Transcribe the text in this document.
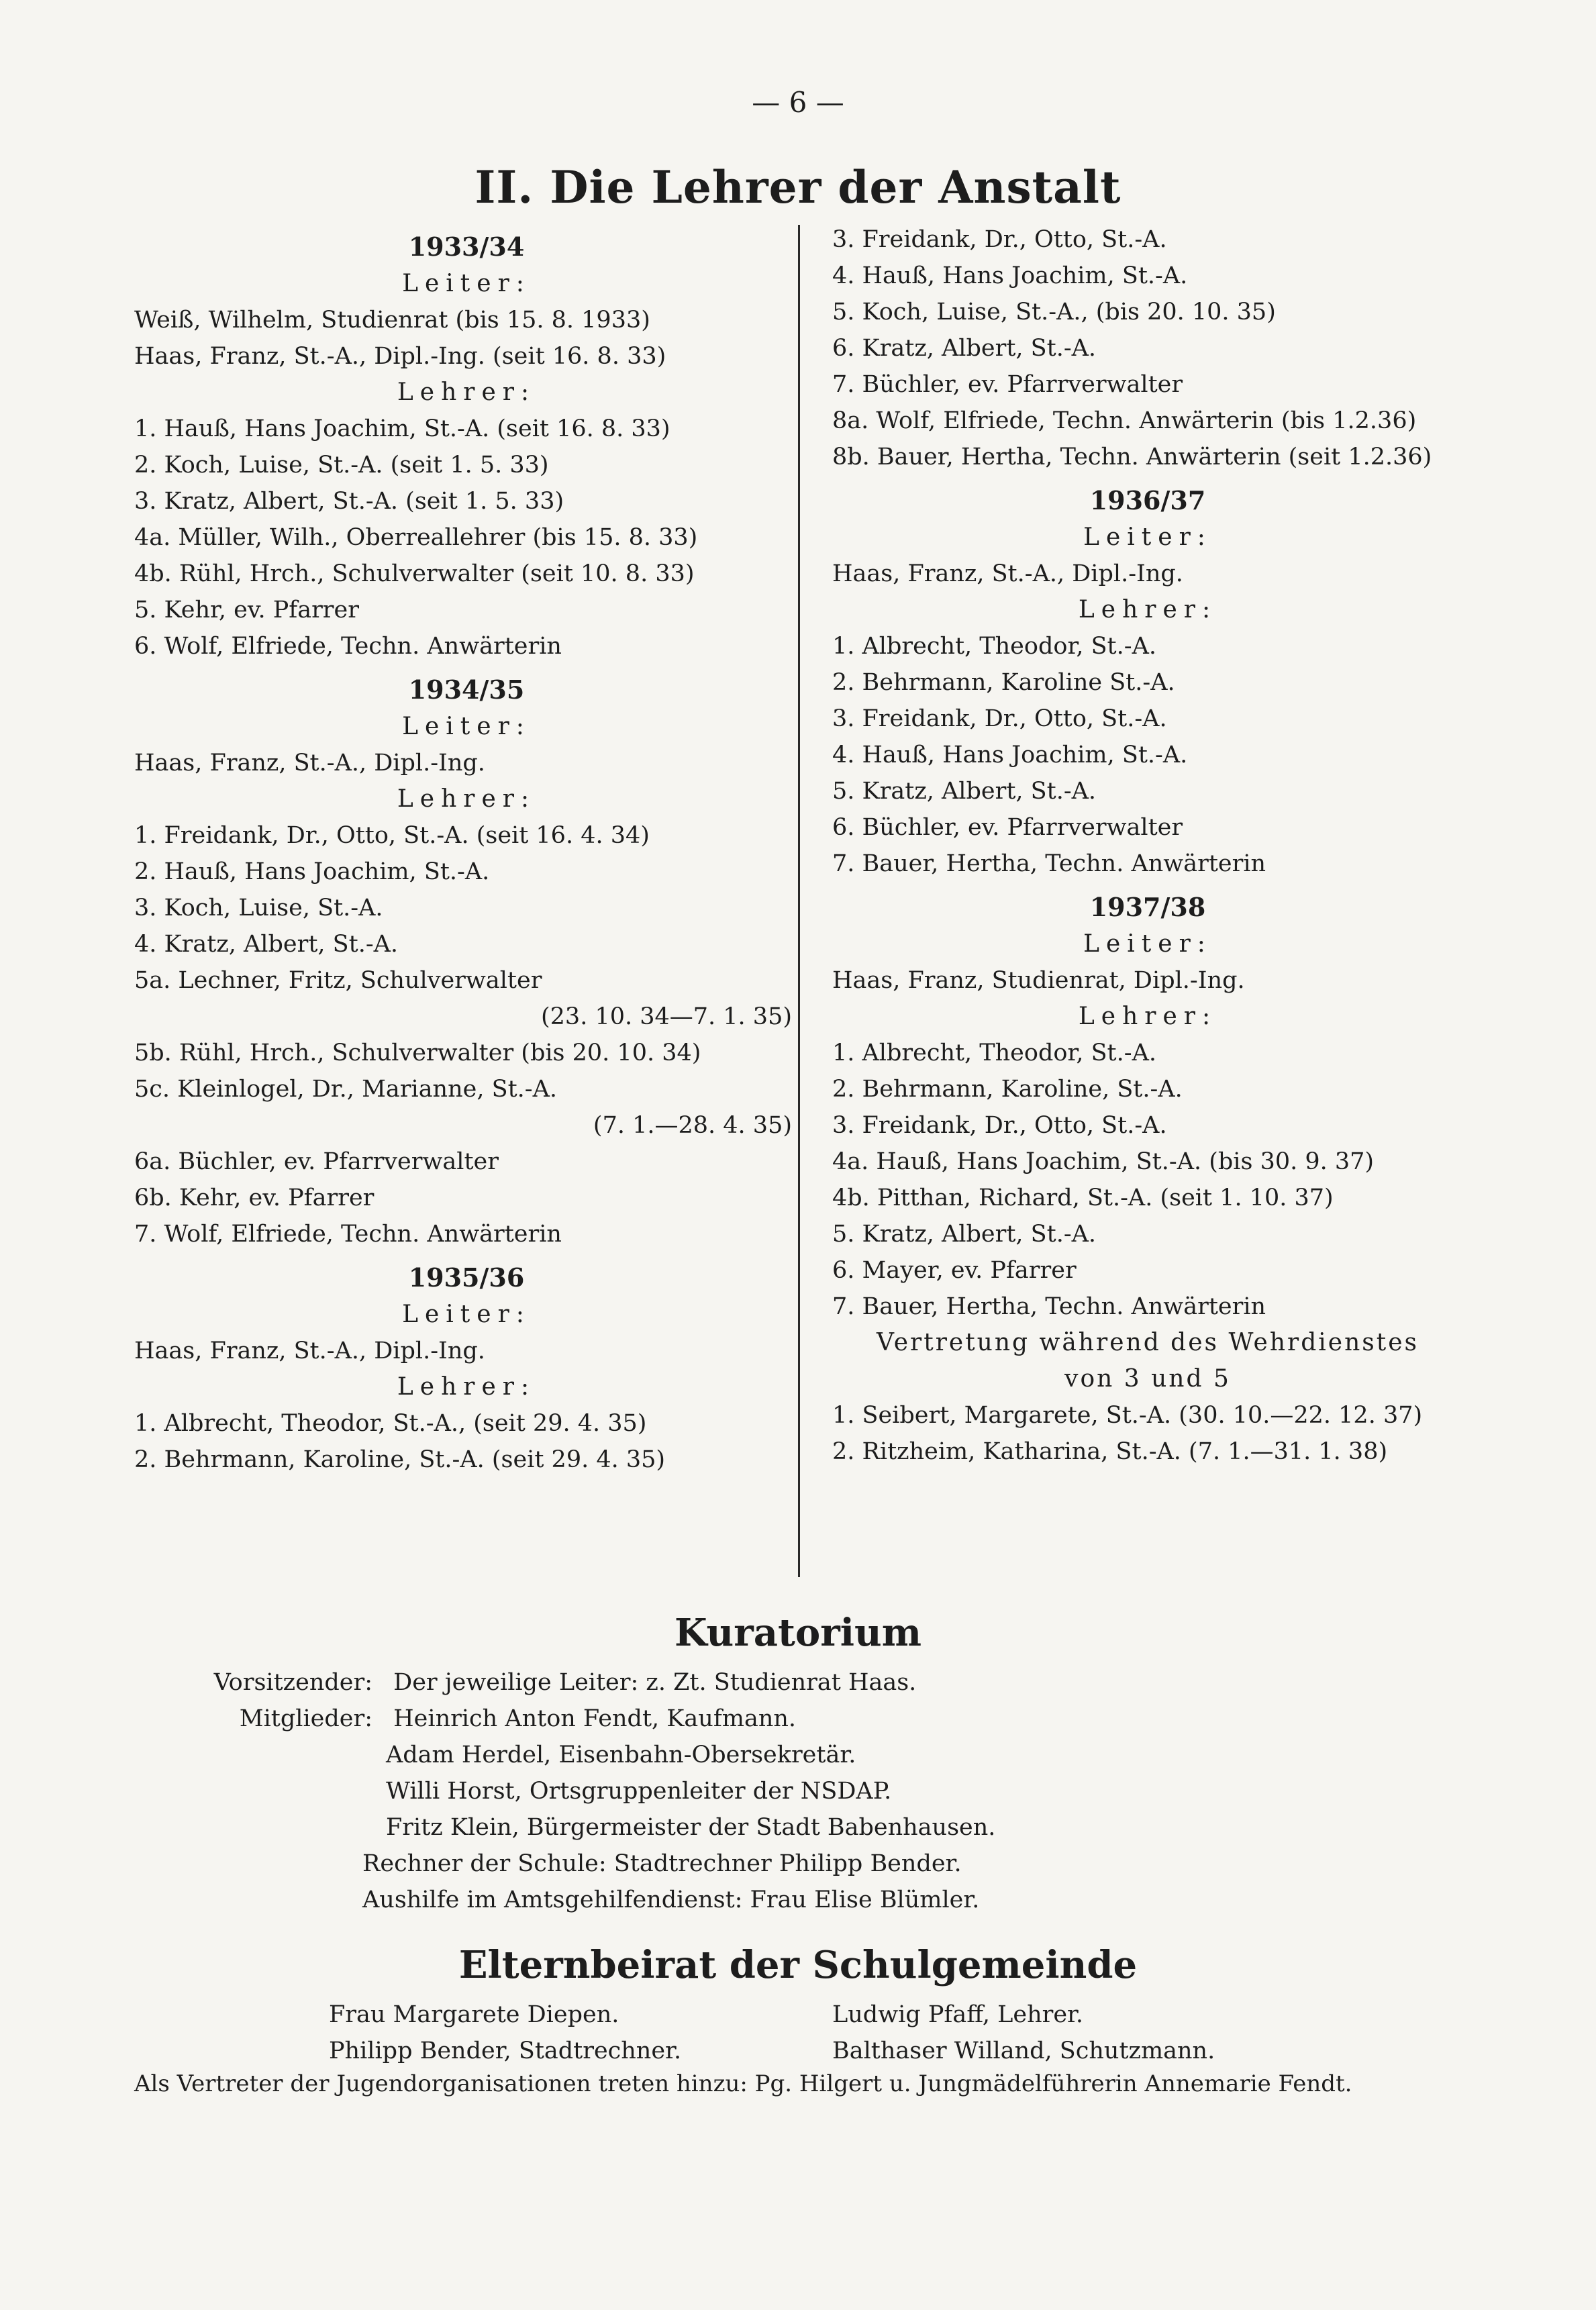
— 6 —
II. Die Lehrer der Anstalt
1933/34
Leiter:
Weiß, Wilhelm, Studienrat (bis 15. 8. 1933)
Haas, Franz, St.-A., Dipl.-Ing. (seit 16. 8. 33)
Lehrer:
1. Hauß, Hans Joachim, St.-A. (seit 16. 8. 33)
2. Koch, Luise, St.-A. (seit 1. 5. 33)
3. Kratz, Albert, St.-A. (seit 1. 5. 33)
4a. Müller, Wilh., Oberreallehrer (bis 15. 8. 33)
4b. Rühl, Hrch., Schulverwalter (seit 10. 8. 33)
5. Kehr, ev. Pfarrer
6. Wolf, Elfriede, Techn. Anwärterin
1934/35
Leiter:
Haas, Franz, St.-A., Dipl.-Ing.
Lehrer:
1. Freidank, Dr., Otto, St.-A. (seit 16. 4. 34)
2. Hauß, Hans Joachim, St.-A.
3. Koch, Luise, St.-A.
4. Kratz, Albert, St.-A.
5a. Lechner, Fritz, Schulverwalter
(23. 10. 34—7. 1. 35)
5b. Rühl, Hrch., Schulverwalter (bis 20. 10. 34)
5c. Kleinlogel, Dr., Marianne, St.-A.
(7. 1.—28. 4. 35)
6a. Büchler, ev. Pfarrverwalter
6b. Kehr, ev. Pfarrer
7. Wolf, Elfriede, Techn. Anwärterin
1935/36
Leiter:
Haas, Franz, St.-A., Dipl.-Ing.
Lehrer:
1. Albrecht, Theodor, St.-A., (seit 29. 4. 35)
2. Behrmann, Karoline, St.-A. (seit 29. 4. 35)
3. Freidank, Dr., Otto, St.-A.
4. Hauß, Hans Joachim, St.-A.
5. Koch, Luise, St.-A., (bis 20. 10. 35)
6. Kratz, Albert, St.-A.
7. Büchler, ev. Pfarrverwalter
8a. Wolf, Elfriede, Techn. Anwärterin (bis 1.2.36)
8b. Bauer, Hertha, Techn. Anwärterin (seit 1.2.36)
1936/37
Leiter:
Haas, Franz, St.-A., Dipl.-Ing.
Lehrer:
1. Albrecht, Theodor, St.-A.
2. Behrmann, Karoline St.-A.
3. Freidank, Dr., Otto, St.-A.
4. Hauß, Hans Joachim, St.-A.
5. Kratz, Albert, St.-A.
6. Büchler, ev. Pfarrverwalter
7. Bauer, Hertha, Techn. Anwärterin
1937/38
Leiter:
Haas, Franz, Studienrat, Dipl.-Ing.
Lehrer:
1. Albrecht, Theodor, St.-A.
2. Behrmann, Karoline, St.-A.
3. Freidank, Dr., Otto, St.-A.
4a. Hauß, Hans Joachim, St.-A. (bis 30. 9. 37)
4b. Pitthan, Richard, St.-A. (seit 1. 10. 37)
5. Kratz, Albert, St.-A.
6. Mayer, ev. Pfarrer
7. Bauer, Hertha, Techn. Anwärterin
Vertretung während des Wehrdienstes
von 3 und 5
1. Seibert, Margarete, St.-A. (30. 10.—22. 12. 37)
2. Ritzheim, Katharina, St.-A. (7. 1.—31. 1. 38)
Kuratorium
Vorsitzender: Der jeweilige Leiter: z. Zt. Studienrat Haas.
Mitglieder: Heinrich Anton Fendt, Kaufmann.
Adam Herdel, Eisenbahn-Obersekretär.
Willi Horst, Ortsgruppenleiter der NSDAP.
Fritz Klein, Bürgermeister der Stadt Babenhausen.
Rechner der Schule: Stadtrechner Philipp Bender.
Aushilfe im Amtsgehilfendienst: Frau Elise Blümler.
Elternbeirat der Schulgemeinde
Frau Margarete Diepen.	Ludwig Pfaff, Lehrer.
Philipp Bender, Stadtrechner.	Balthaser Willand, Schutzmann.
Als Vertreter der Jugendorganisationen treten hinzu: Pg. Hilgert u. Jungmädelführerin Annemarie Fendt.
